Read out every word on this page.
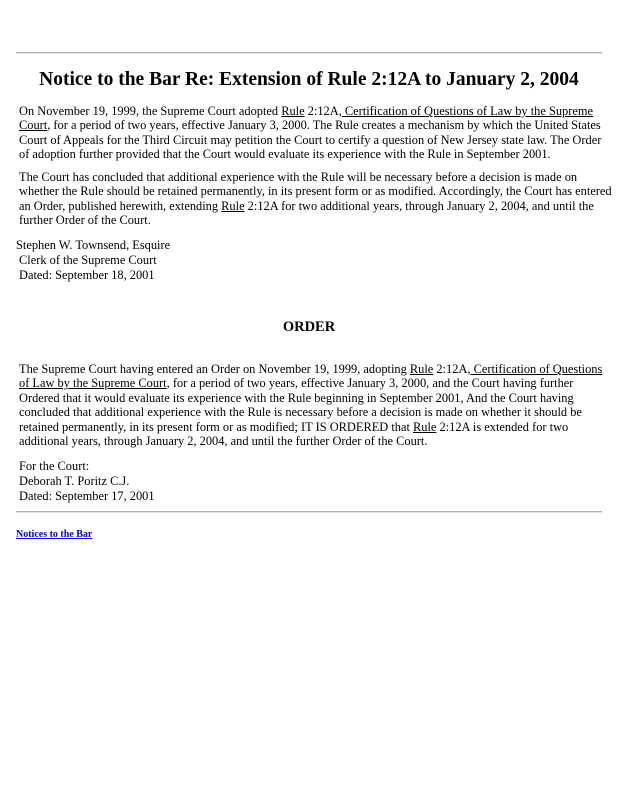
Notice to the Bar Re: Extension of Rule 2:12A to January 2, 2004
On November 19, 1999, the Supreme Court adopted Rule 2:12A, Certification of Questions of Law by the Supreme
Court, for a period of two years, effective January 3, 2000. The Rule creates a mechanism by which the United States
Court of Appeals for the Third Circuit may petition the Court to certify a question of New Jersey state law. The Order
of adoption further provided that the Court would evaluate its experience with the Rule in September 2001.
The Court has concluded that additional experience with the Rule will be necessary before a decision is made on
whether the Rule should be retained permanently, in its present form or as modified. Accordingly, the Court has entered
an Order, published herewith, extending Rule 2:12A for two additional years, through January 2, 2004, and until the
further Order of the Court.
Stephen W. Townsend, Esquire
Clerk of the Supreme Court
Dated: September 18, 2001
ORDER
The Supreme Court having entered an Order on November 19, 1999, adopting Rule 2:12A, Certification of Questions
of Law by the Supreme Court, for a period of two years, effective January 3, 2000, and the Court having further
Ordered that it would evaluate its experience with the Rule beginning in September 2001, And the Court having
concluded that additional experience with the Rule is necessary before a decision is made on whether it should be
retained permanently, in its present form or as modified; IT IS ORDERED that Rule 2:12A is extended for two
additional years, through January 2, 2004, and until the further Order of the Court.
For the Court:
Deborah T. Poritz C.J.
Dated: September 17, 2001
Notices to the Bar
